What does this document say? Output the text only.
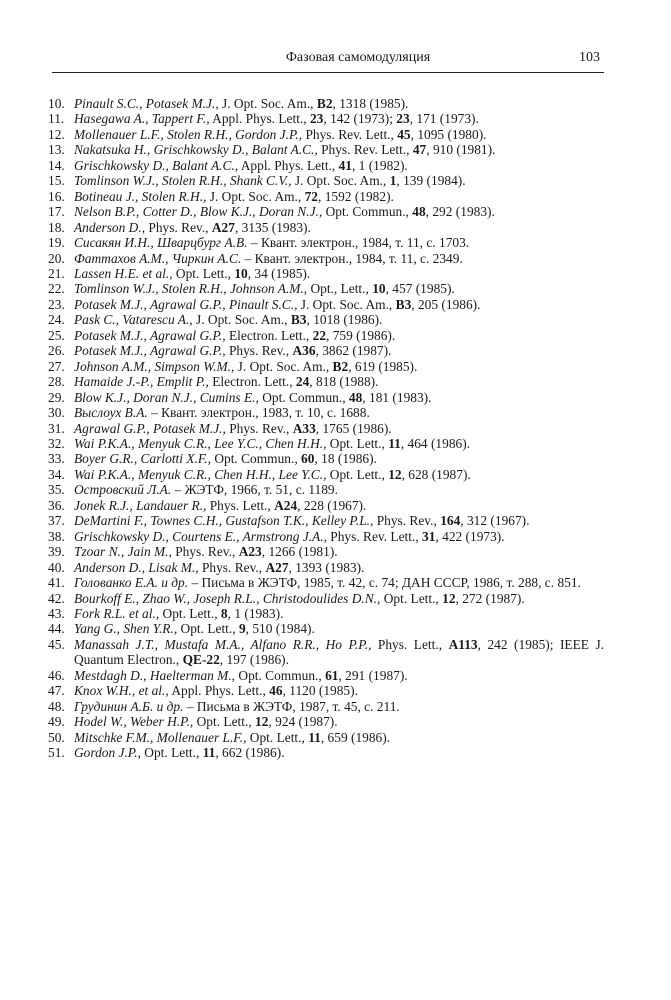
Фазовая самомодуляция	103
10. Pinault S.C., Potasek M.J., J. Opt. Soc. Am., B2, 1318 (1985).
11. Hasegawa A., Tappert F., Appl. Phys. Lett., 23, 142 (1973); 23, 171 (1973).
12. Mollenauer L.F., Stolen R.H., Gordon J.P., Phys. Rev. Lett., 45, 1095 (1980).
13. Nakatsuka H., Grischkowsky D., Balant A.C., Phys. Rev. Lett., 47, 910 (1981).
14. Grischkowsky D., Balant A.C., Appl. Phys. Lett., 41, 1 (1982).
15. Tomlinson W.J., Stolen R.H., Shank C.V., J. Opt. Soc. Am., 1, 139 (1984).
16. Botineau J., Stolen R.H., J. Opt. Soc. Am., 72, 1592 (1982).
17. Nelson B.P., Cotter D., Blow K.J., Doran N.J., Opt. Commun., 48, 292 (1983).
18. Anderson D., Phys. Rev., A27, 3135 (1983).
19. Сисакян И.Н., Шварцбург А.В. – Квант. электрон., 1984, т. 11, с. 1703.
20. Фаттахов А.М., Чиркин А.С. – Квант. электрон., 1984, т. 11, с. 2349.
21. Lassen H.E. et al., Opt. Lett., 10, 34 (1985).
22. Tomlinson W.J., Stolen R.H., Johnson A.M., Opt., Lett., 10, 457 (1985).
23. Potasek M.J., Agrawal G.P., Pinault S.C., J. Opt. Soc. Am., B3, 205 (1986).
24. Pask C., Vatarescu A., J. Opt. Soc. Am., B3, 1018 (1986).
25. Potasek M.J., Agrawal G.P., Electron. Lett., 22, 759 (1986).
26. Potasek M.J., Agrawal G.P., Phys. Rev., A36, 3862 (1987).
27. Johnson A.M., Simpson W.M., J. Opt. Soc. Am., B2, 619 (1985).
28. Hamaide J.-P., Emplit P., Electron. Lett., 24, 818 (1988).
29. Blow K.J., Doran N.J., Cumins E., Opt. Commun., 48, 181 (1983).
30. Выслоух В.А. – Квант. электрон., 1983, т. 10, с. 1688.
31. Agrawal G.P., Potasek M.J., Phys. Rev., A33, 1765 (1986).
32. Wai P.K.A., Menyuk C.R., Lee Y.C., Chen H.H., Opt. Lett., 11, 464 (1986).
33. Boyer G.R., Carlotti X.F., Opt. Commun., 60, 18 (1986).
34. Wai P.K.A., Menyuk C.R., Chen H.H., Lee Y.C., Opt. Lett., 12, 628 (1987).
35. Островский Л.А. – ЖЭТФ, 1966, т. 51, с. 1189.
36. Jonek R.J., Landauer R., Phys. Lett., A24, 228 (1967).
37. DeMartini F., Townes C.H., Gustafson T.K., Kelley P.L., Phys. Rev., 164, 312 (1967).
38. Grischkowsky D., Courtens E., Armstrong J.A., Phys. Rev. Lett., 31, 422 (1973).
39. Tzoar N., Jain M., Phys. Rev., A23, 1266 (1981).
40. Anderson D., Lisak M., Phys. Rev., A27, 1393 (1983).
41. Голованко Е.А. и др. – Письма в ЖЭТФ, 1985, т. 42, с. 74; ДАН СССР, 1986, т. 288, с. 851.
42. Bourkoff E., Zhao W., Joseph R.L., Christodoulides D.N., Opt. Lett., 12, 272 (1987).
43. Fork R.L. et al., Opt. Lett., 8, 1 (1983).
44. Yang G., Shen Y.R., Opt. Lett., 9, 510 (1984).
45. Manassah J.T., Mustafa M.A., Alfano R.R., Ho P.P., Phys. Lett., A113, 242 (1985); IEEE J. Quantum Electron., QE-22, 197 (1986).
46. Mestdagh D., Haelterman M., Opt. Commun., 61, 291 (1987).
47. Knox W.H., et al., Appl. Phys. Lett., 46, 1120 (1985).
48. Грудинин А.Б. и др. – Письма в ЖЭТФ, 1987, т. 45, с. 211.
49. Hodel W., Weber H.P., Opt. Lett., 12, 924 (1987).
50. Mitschke F.M., Mollenauer L.F., Opt. Lett., 11, 659 (1986).
51. Gordon J.P., Opt. Lett., 11, 662 (1986).
